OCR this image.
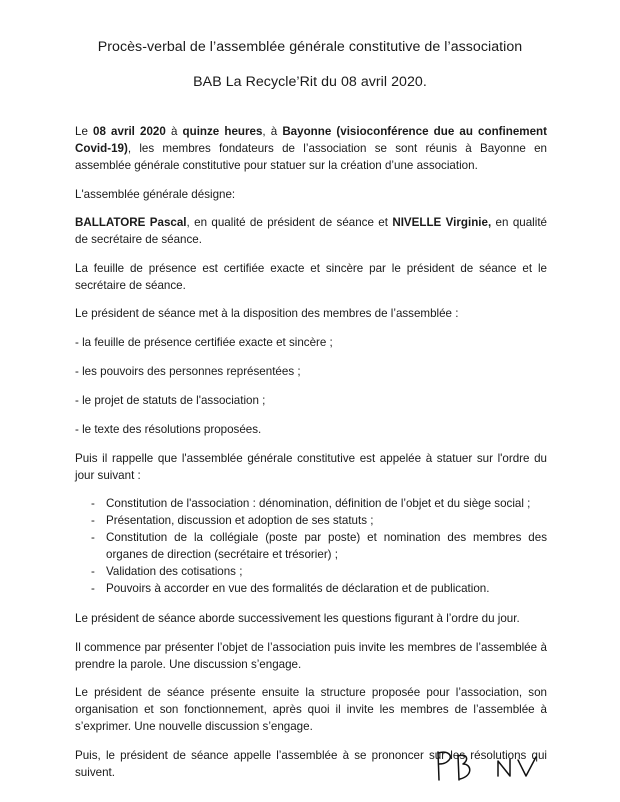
Procès-verbal de l’assemblée générale constitutive de l’association
BAB La Recycle’Rit du 08 avril 2020.

Le 08 avril 2020 à quinze heures, à Bayonne (visioconférence due au confinement Covid-19), les membres fondateurs de l’association se sont réunis à Bayonne en assemblée générale constitutive pour statuer sur la création d’une association.

L'assemblée générale désigne:

BALLATORE Pascal, en qualité de président de séance et NIVELLE Virginie, en qualité de secrétaire de séance.

La feuille de présence est certifiée exacte et sincère par le président de séance et le secrétaire de séance.

Le président de séance met à la disposition des membres de l’assemblée :

- la feuille de présence certifiée exacte et sincère ;

- les pouvoirs des personnes représentées ;

- le projet de statuts de l'association ;

- le texte des résolutions proposées.

Puis il rappelle que l'assemblée générale constitutive est appelée à statuer sur l'ordre du jour suivant :

- Constitution de l'association : dénomination, définition de l’objet et du siège social ;
- Présentation, discussion et adoption de ses statuts ;
- Constitution de la collégiale (poste par poste) et nomination des membres des organes de direction (secrétaire et trésorier) ;
- Validation des cotisations ;
- Pouvoirs à accorder en vue des formalités de déclaration et de publication.

Le président de séance aborde successivement les questions figurant à l’ordre du jour.

Il commence par présenter l’objet de l’association puis invite les membres de l’assemblée à prendre la parole. Une discussion s’engage.

Le président de séance présente ensuite la structure proposée pour l’association, son organisation et son fonctionnement, après quoi il invite les membres de l’assemblée à s’exprimer. Une nouvelle discussion s’engage.

Puis, le président de séance appelle l’assemblée à se prononcer sur les résolutions qui suivent.
